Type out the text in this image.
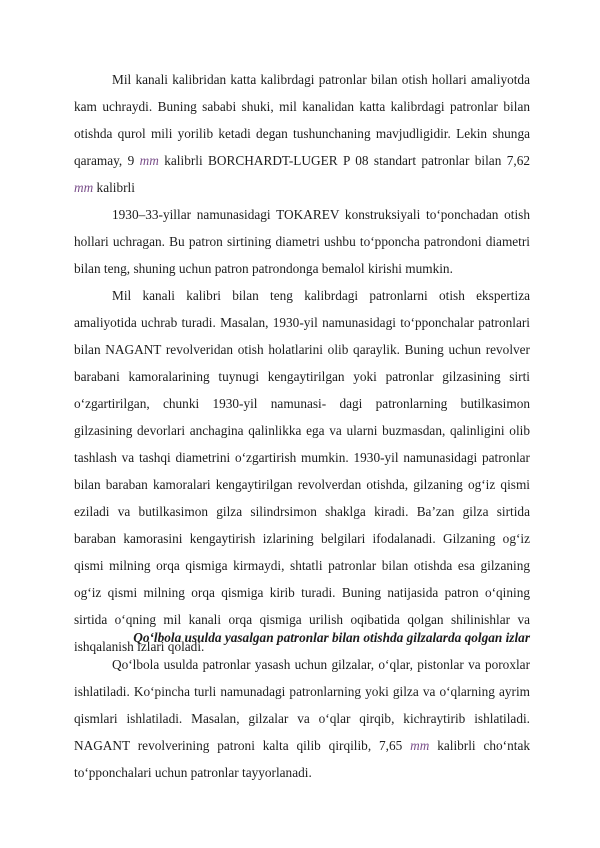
Mil kanali kalibridan katta kalibrdagi patronlar bilan otish hollari amaliyotda kam uchraydi. Buning sababi shuki, mil kanalidan katta kalibrdagi patronlar bilan otishda qurol mili yorilib ketadi degan tushunchaning mavjudligidir. Lekin shunga qaramay, 9 mm kalibrli BORCHARDT-LUGER P 08 standart patronlar bilan 7,62 mm kalibrli

1930–33-yillar namunasidagi TOKAREV konstruksiyali to‘ponchadan otish hollari uchragan. Bu patron sirtining diametri ushbu to‘pponcha patrondoni diametri bilan teng, shuning uchun patron patrondonga bemalol kirishi mumkin.

Mil kanali kalibri bilan teng kalibrdagi patronlarni otish ekspertiza amaliyotida uchrab turadi. Masalan, 1930-yil namunasidagi to‘pponchalar patronlari bilan NAGANT revolveridan otish holatlarini olib qaraylik. Buning uchun revolver barabani kamoralarining tuynugi kengaytirilgan yoki patronlar gilzasining sirti o‘zgartirilgan, chunki 1930-yil namunasi- dagi patronlarning butilkasimon gilzasining devorlari anchagina qalinlikka ega va ularni buzmasdan, qalinligini olib tashlash va tashqi diametrini o‘zgartirish mumkin. 1930-yil namunasidagi patronlar bilan baraban kamoralari kengaytirilgan revolverdan otishda, gilzaning og‘iz qismi eziladi va butilkasimon gilza silindrsimon shaklga kiradi. Ba’zan gilza sirtida baraban kamorasini kengaytirish izlarining belgilari ifodalanadi. Gilzaning og‘iz qismi milning orqa qismiga kirmaydi, shtatli patronlar bilan otishda esa gilzaning og‘iz qismi milning orqa qismiga kirib turadi. Buning natijasida patron o‘qining sirtida o‘qning mil kanali orqa qismiga urilish oqibatida qolgan shilinishlar va ishqalanish izlari qoladi.

Qo‘lbola usulda yasalgan patronlar bilan otishda gilzalarda qolgan izlar

Qo‘lbola usulda patronlar yasash uchun gilzalar, o‘qlar, pistonlar va poroxlar ishlatiladi. Ko‘pincha turli namunadagi patronlarning yoki gilza va o‘qlarning ayrim qismlari ishlatiladi. Masalan, gilzalar va o‘qlar qirqib, kichraytirib ishlatiladi. NAGANT revolverining patroni kalta qilib qirqilib, 7,65 mm kalibrli cho‘ntak to‘pponchalari uchun patronlar tayyorlanadi.
